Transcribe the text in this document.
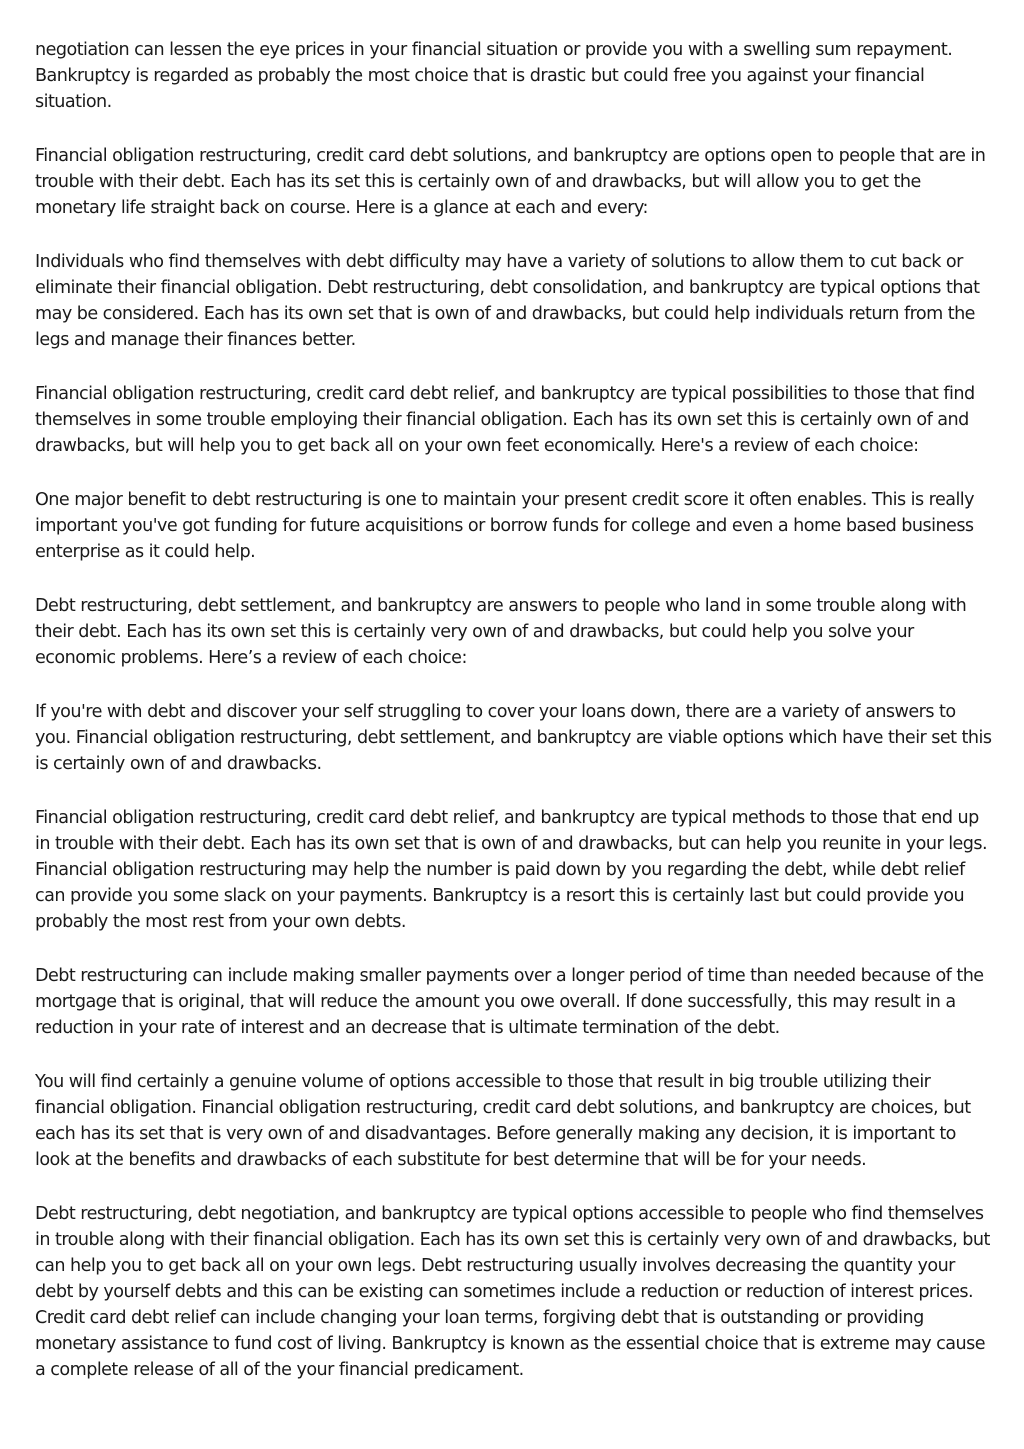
negotiation can lessen the eye prices in your financial situation or provide you with a swelling sum repayment. Bankruptcy is regarded as probably the most choice that is drastic but could free you against your financial situation.

Financial obligation restructuring, credit card debt solutions, and bankruptcy are options open to people that are in trouble with their debt. Each has its set this is certainly own of and drawbacks, but will allow you to get the monetary life straight back on course. Here is a glance at each and every:

Individuals who find themselves with debt difficulty may have a variety of solutions to allow them to cut back or eliminate their financial obligation. Debt restructuring, debt consolidation, and bankruptcy are typical options that may be considered. Each has its own set that is own of and drawbacks, but could help individuals return from the legs and manage their finances better.

Financial obligation restructuring, credit card debt relief, and bankruptcy are typical possibilities to those that find themselves in some trouble employing their financial obligation. Each has its own set this is certainly own of and drawbacks, but will help you to get back all on your own feet economically. Here's a review of each choice:

One major benefit to debt restructuring is one to maintain your present credit score it often enables. This is really important you've got funding for future acquisitions or borrow funds for college and even a home based business enterprise as it could help.

Debt restructuring, debt settlement, and bankruptcy are answers to people who land in some trouble along with their debt. Each has its own set this is certainly very own of and drawbacks, but could help you solve your economic problems. Here’s a review of each choice:

If you're with debt and discover your self struggling to cover your loans down, there are a variety of answers to you. Financial obligation restructuring, debt settlement, and bankruptcy are viable options which have their set this is certainly own of and drawbacks.

Financial obligation restructuring, credit card debt relief, and bankruptcy are typical methods to those that end up in trouble with their debt. Each has its own set that is own of and drawbacks, but can help you reunite in your legs. Financial obligation restructuring may help the number is paid down by you regarding the debt, while debt relief can provide you some slack on your payments. Bankruptcy is a resort this is certainly last but could provide you probably the most rest from your own debts.

Debt restructuring can include making smaller payments over a longer period of time than needed because of the mortgage that is original, that will reduce the amount you owe overall. If done successfully, this may result in a reduction in your rate of interest and an decrease that is ultimate termination of the debt.

You will find certainly a genuine volume of options accessible to those that result in big trouble utilizing their financial obligation. Financial obligation restructuring, credit card debt solutions, and bankruptcy are choices, but each has its set that is very own of and disadvantages. Before generally making any decision, it is important to look at the benefits and drawbacks of each substitute for best determine that will be for your needs.

Debt restructuring, debt negotiation, and bankruptcy are typical options accessible to people who find themselves in trouble along with their financial obligation. Each has its own set this is certainly very own of and drawbacks, but can help you to get back all on your own legs. Debt restructuring usually involves decreasing the quantity your debt by yourself debts and this can be existing can sometimes include a reduction or reduction of interest prices. Credit card debt relief can include changing your loan terms, forgiving debt that is outstanding or providing monetary assistance to fund cost of living. Bankruptcy is known as the essential choice that is extreme may cause a complete release of all of the your financial predicament.
